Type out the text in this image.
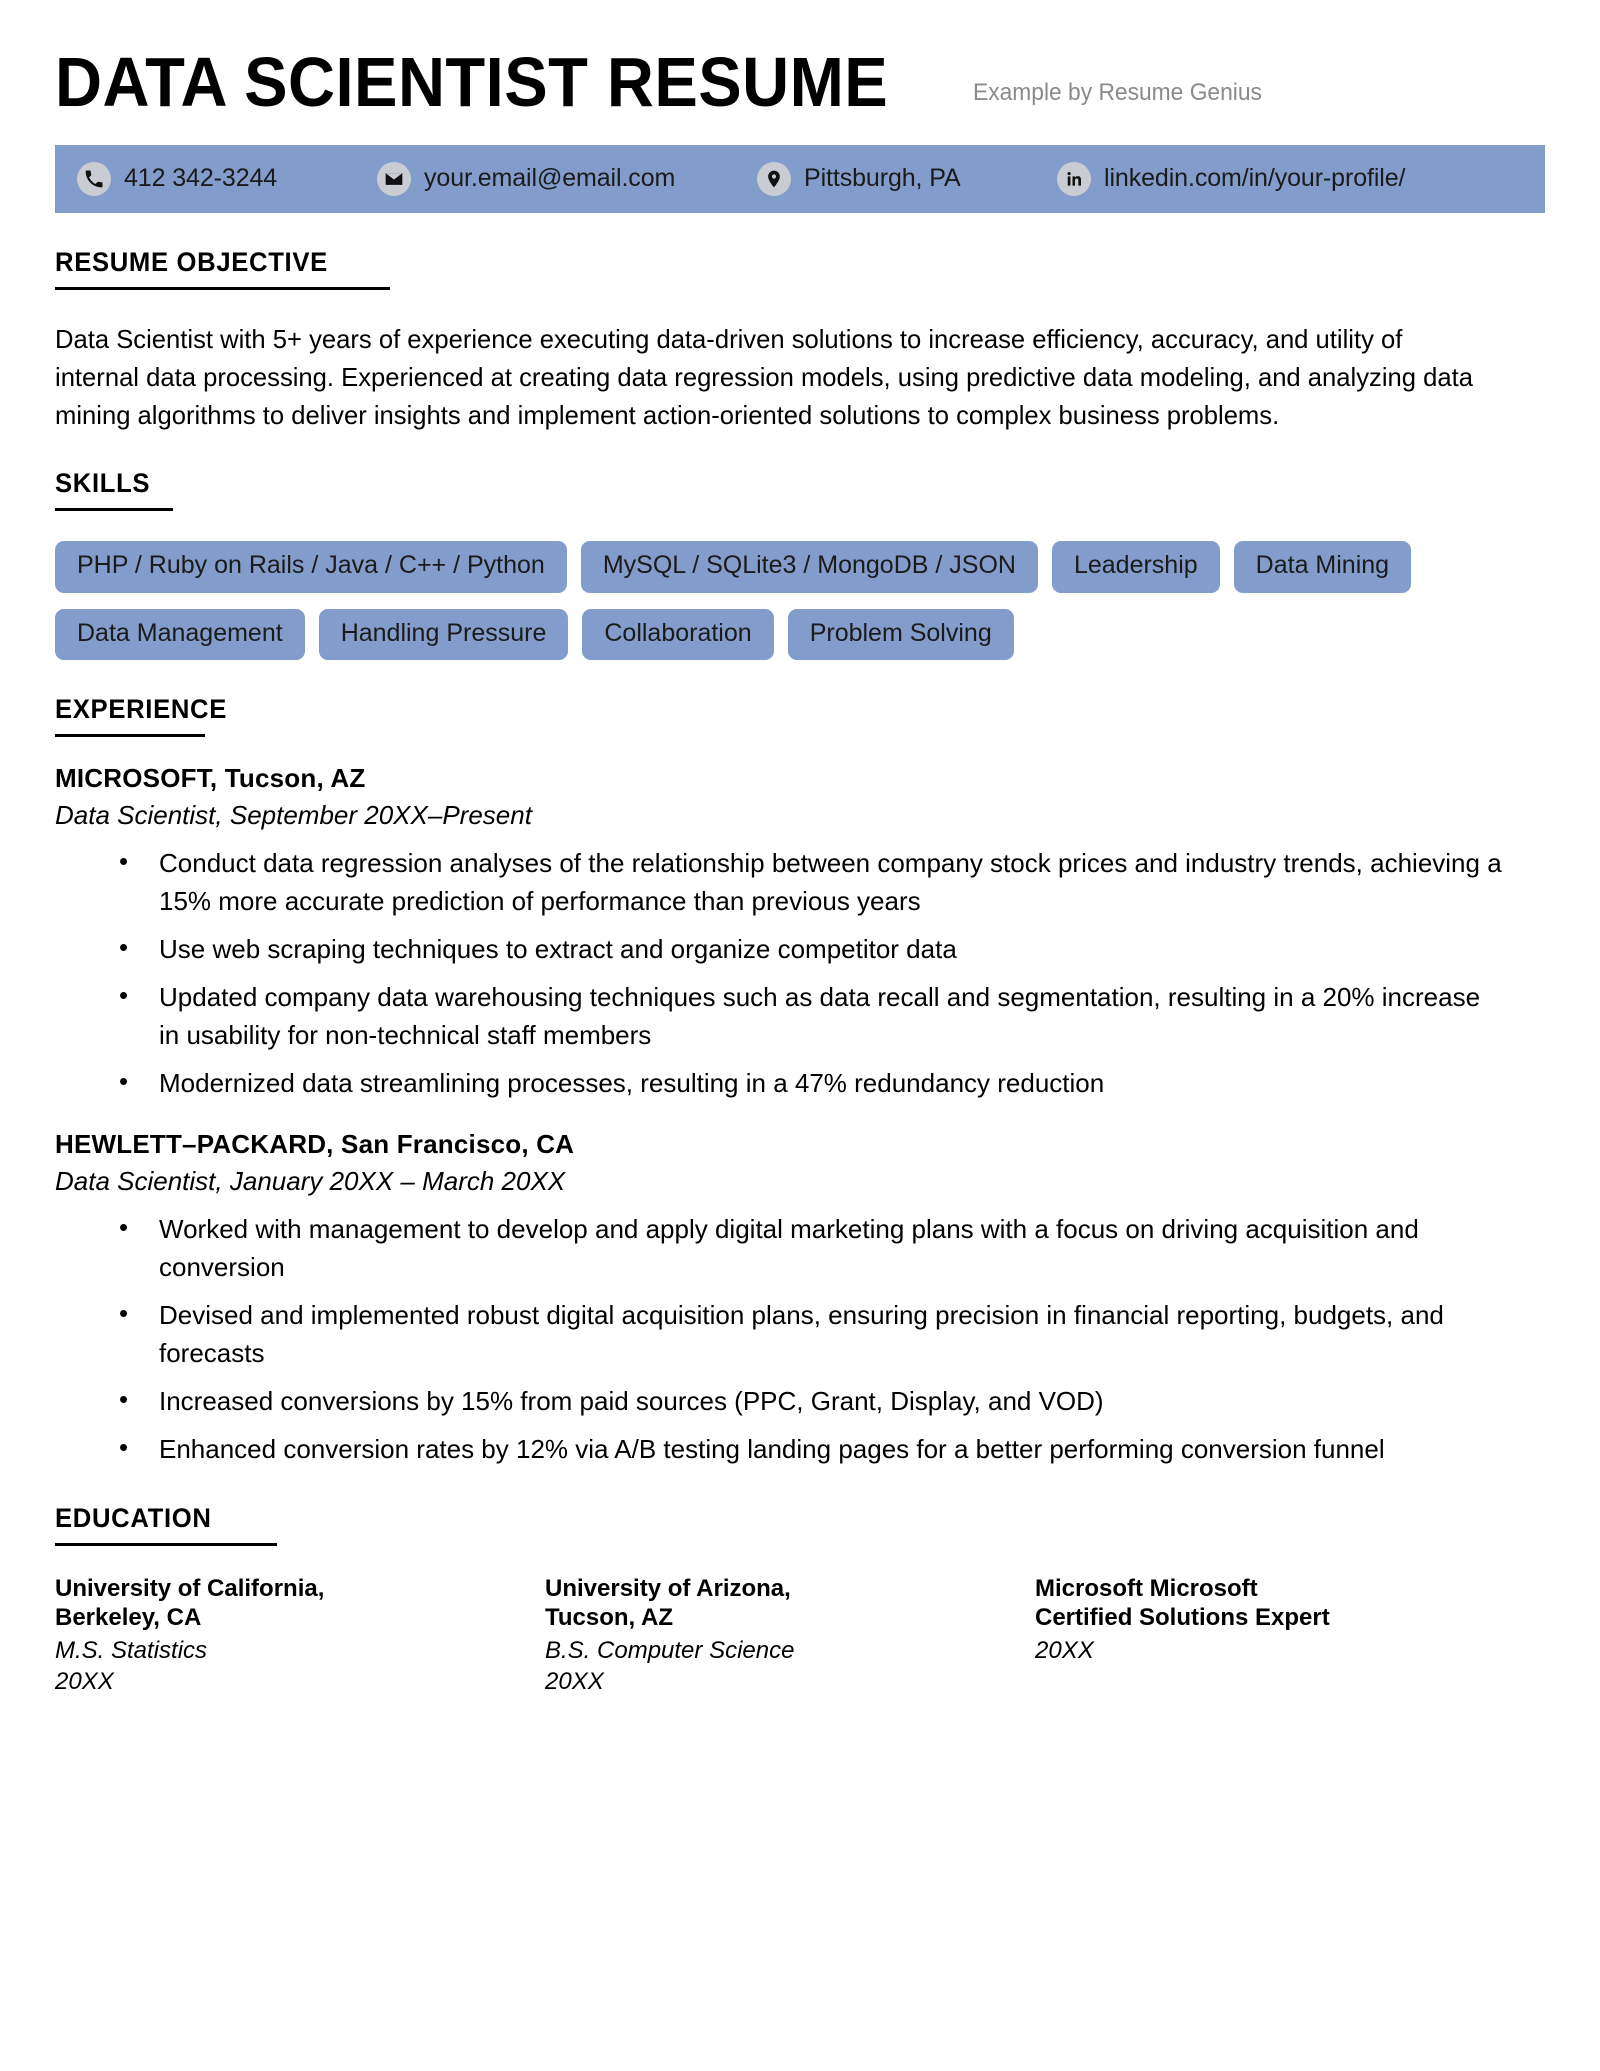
DATA SCIENTIST RESUME	Example by Resume Genius
412 342-3244	your.email@email.com	Pittsburgh, PA	linkedin.com/in/your-profile/
RESUME OBJECTIVE

Data Scientist with 5+ years of experience executing data-driven solutions to increase efficiency, accuracy, and utility of internal data processing. Experienced at creating data regression models, using predictive data modeling, and analyzing data mining algorithms to deliver insights and implement action-oriented solutions to complex business problems.

SKILLS
PHP / Ruby on Rails / Java / C++ / Python	MySQL / SQLite3 / MongoDB / JSON	Leadership	Data Mining
Data Management	Handling Pressure	Collaboration	Problem Solving
EXPERIENCE
MICROSOFT, Tucson, AZ
Data Scientist, September 20XX–Present
• Conduct data regression analyses of the relationship between company stock prices and industry trends, achieving a 15% more accurate prediction of performance than previous years
• Use web scraping techniques to extract and organize competitor data
• Updated company data warehousing techniques such as data recall and segmentation, resulting in a 20% increase in usability for non-technical staff members
• Modernized data streamlining processes, resulting in a 47% redundancy reduction
HEWLETT–PACKARD, San Francisco, CA
Data Scientist, January 20XX – March 20XX
• Worked with management to develop and apply digital marketing plans with a focus on driving acquisition and conversion
• Devised and implemented robust digital acquisition plans, ensuring precision in financial reporting, budgets, and forecasts
• Increased conversions by 15% from paid sources (PPC, Grant, Display, and VOD)
• Enhanced conversion rates by 12% via A/B testing landing pages for a better performing conversion funnel
EDUCATION
University of California, Berkeley, CA
M.S. Statistics
20XX
University of Arizona, Tucson, AZ
B.S. Computer Science
20XX
Microsoft Microsoft Certified Solutions Expert
20XX
